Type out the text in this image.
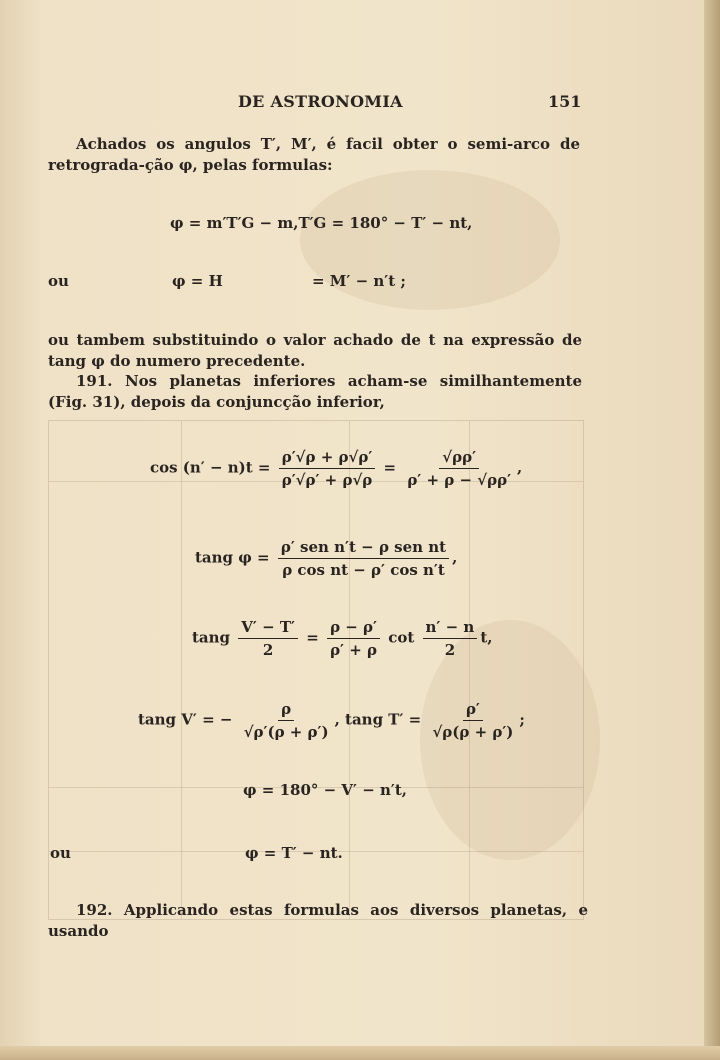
DE ASTRONOMIA	151
Achados os angulos T′, M′, é facil obter o semi-arco de retrograda-ção φ, pelas formulas:
φ = m′T′G − m,T′G = 180° − T′ − nt,
ou	φ = H	= M′ − n′t ;
ou tambem substituindo o valor achado de t na expressão de tang φ do numero precedente.
191. Nos planetas inferiores acham-se similhantemente (Fig. 31), depois da conjuncção inferior,
$\cos (n' - n)t = \frac{\rho'√\rho + \rho√\rho'}{\rho'√\rho' + \rho√\rho} = \frac{√\rho\rho'}{\rho' + \rho - √\rho\rho'}$ ,
tang $\varphi = \frac{\text{ρ′ sen n′t − ρ sen nt}}{\text{ρ cos nt − ρ′ cos n′t}}$ ,
tang $\frac{V' - T'}{2} = \frac{\rho - \rho'}{\rho' + \rho}$ $\cot \frac{n' - n}{2} t$,
tang V′ = − $\frac{\rho}{√\rho'(\rho + \rho')}$ , tang $T' = \frac{\rho'}{√\rho(\rho + \rho')}$ ;
φ = 180° − V′ − n′t,
ou	φ = T′ − nt.
192. Applicando estas formulas aos diversos planetas, e usando
